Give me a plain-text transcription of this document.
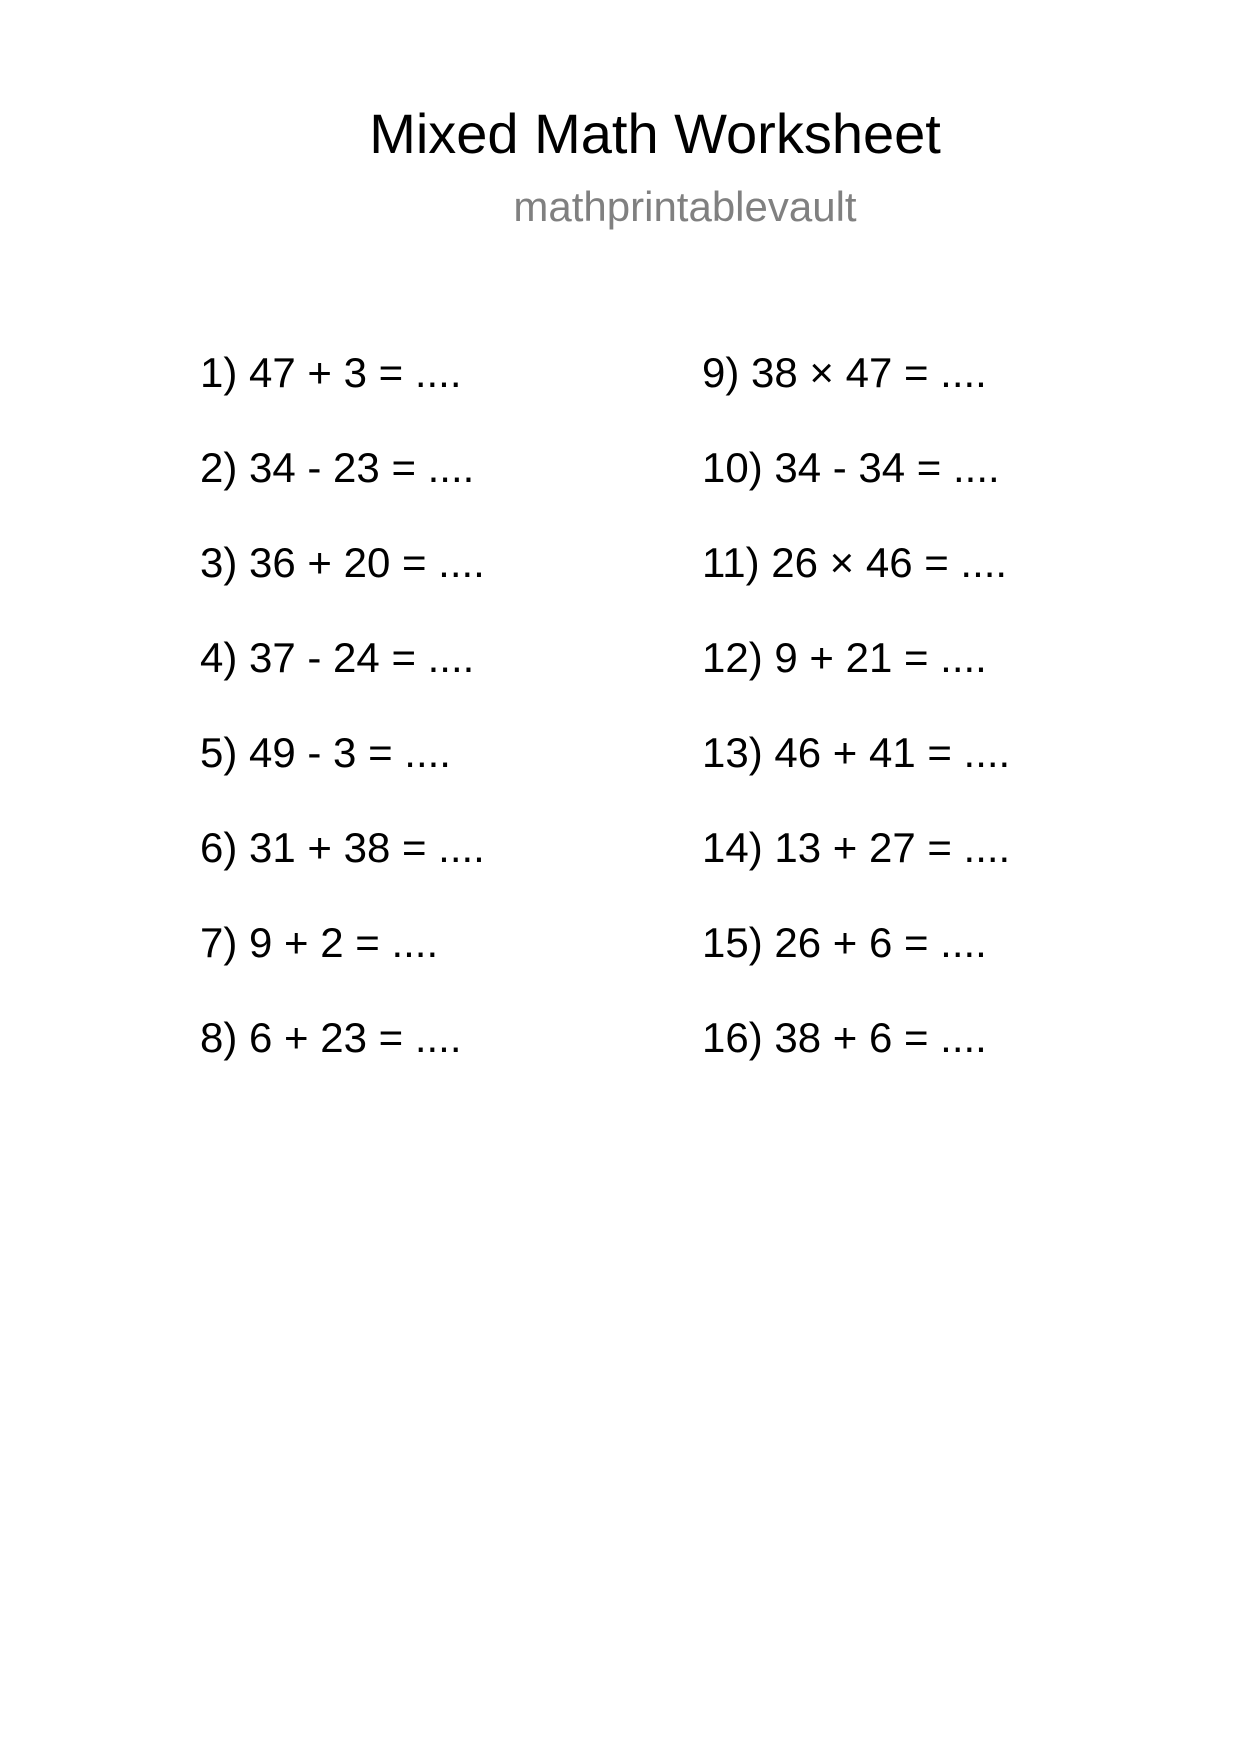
Mixed Math Worksheet
mathprintablevault
1) 47 + 3 = ....
2) 34 - 23 = ....
3) 36 + 20 = ....
4) 37 - 24 = ....
5) 49 - 3 = ....
6) 31 + 38 = ....
7) 9 + 2 = ....
8) 6 + 23 = ....
9) 38 × 47 = ....
10) 34 - 34 = ....
11) 26 × 46 = ....
12) 9 + 21 = ....
13) 46 + 41 = ....
14) 13 + 27 = ....
15) 26 + 6 = ....
16) 38 + 6 = ....
